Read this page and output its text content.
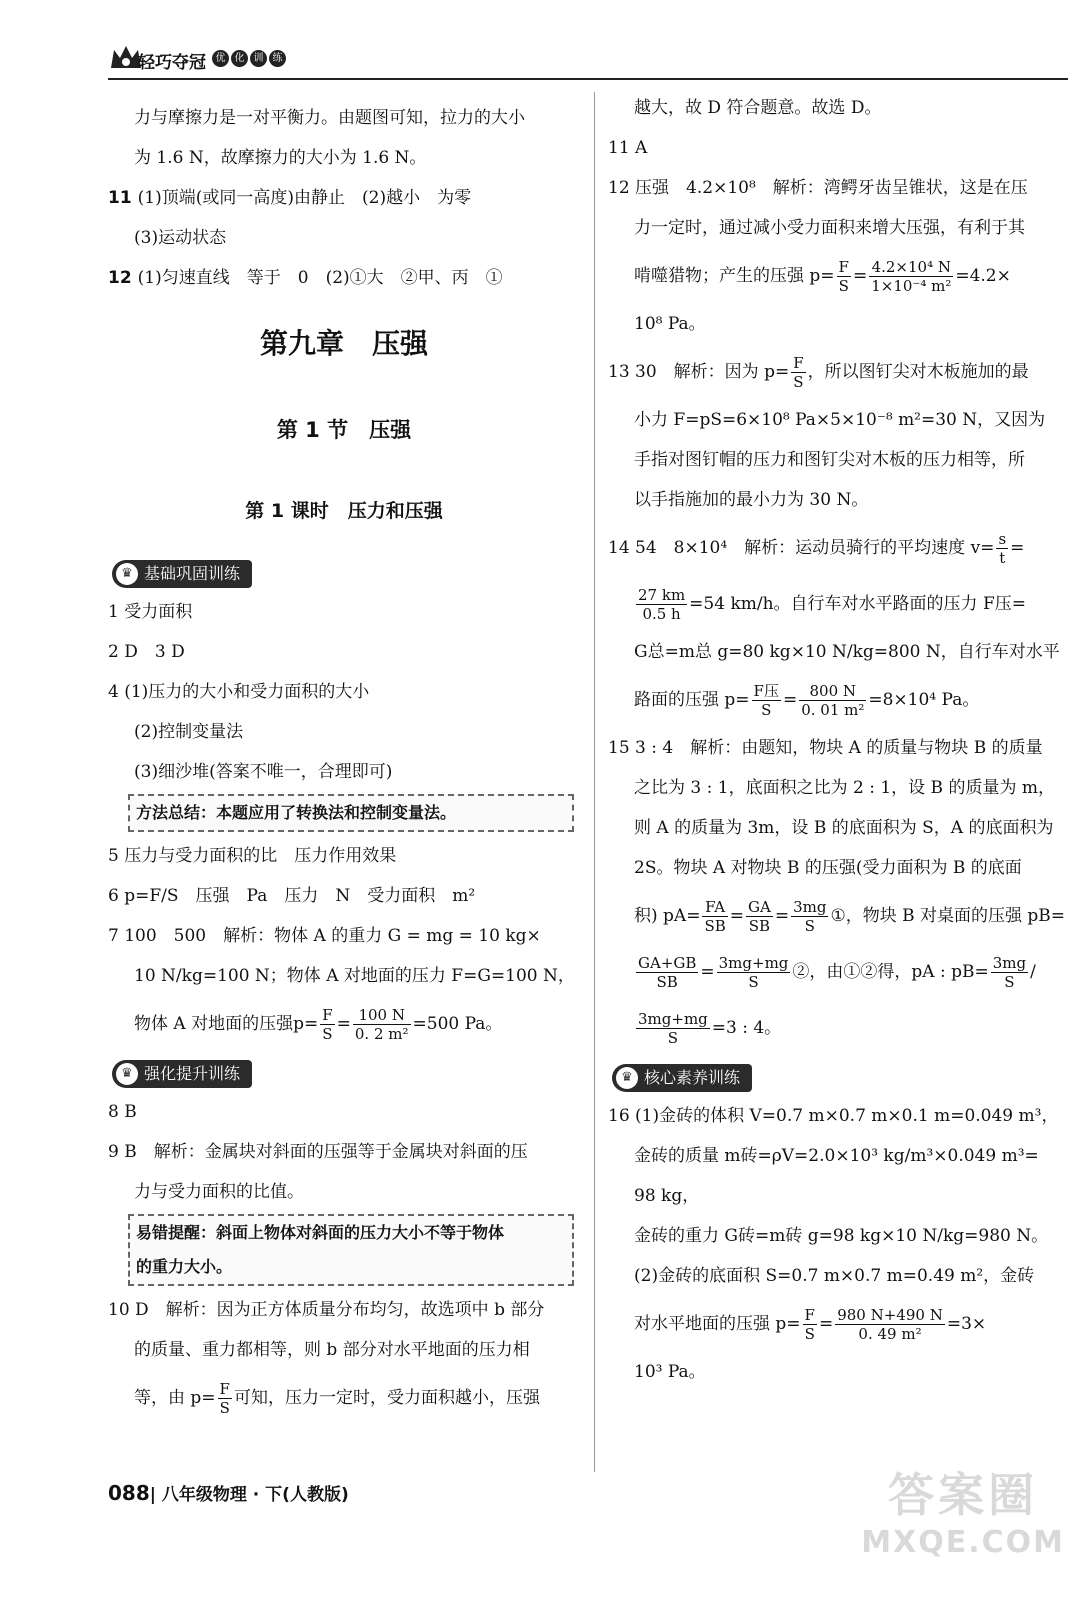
轻巧夺冠 优 化 训 练
力与摩擦力是一对平衡力。由题图可知，拉力的大小
为 1.6 N，故摩擦力的大小为 1.6 N。
11 (1)顶端(或同一高度)由静止　(2)越小　为零
(3)运动状态
12 (1)匀速直线　等于　0　(2)①大　②甲、丙　①
第九章　压强
第 1 节　压强
第 1 课时　压力和压强
♛ 基础巩固训练
1 受力面积
2 D　3 D
4 (1)压力的大小和受力面积的大小
(2)控制变量法
(3)细沙堆(答案不唯一，合理即可)
方法总结：本题应用了转换法和控制变量法。
5 压力与受力面积的比　压力作用效果
6 p=F/S　压强　Pa　压力　N　受力面积　m²
7 100　500　解析：物体 A 的重力 G = mg = 10 kg×
10 N/kg=100 N；物体 A 对地面的压力 F=G=100 N，
物体 A 对地面的压强$p= \frac{F}{S} = \frac{100 N}{\text{0. 2 m²}} =500$ Pa。
♛ 强化提升训练
8 B
9 B　解析：金属块对斜面的压强等于金属块对斜面的压
力与受力面积的比值。
易错提醒：斜面上物体对斜面的压力大小不等于物体
的重力大小。
10 D　解析：因为正方体质量分布均匀，故选项中 b 部分
的质量、重力都相等，则 b 部分对水平地面的压力相
等，由 $p= \frac{F}{S}$ 可知，压力一定时，受力面积越小，压强
越大，故 D 符合题意。故选 D。
11 A
12 压强　4.2×10⁸　解析：湾鳄牙齿呈锥状，这是在压
力一定时，通过减小受力面积来增大压强，有利于其
啃噬猎物；产生的压强 $p= \frac{F}{S} = \frac{\text{4.2×10⁴ N}}{\text{1×10⁻⁴ m²}} =4.2\times$
10⁸ Pa。
13 30　解析：因为 $p= \frac{F}{S}$ ，所以图钉尖对木板施加的最
小力 F=pS=6×10⁸ Pa×5×10⁻⁸ m²=30 N，又因为
手指对图钉帽的压力和图钉尖对木板的压力相等，所
以手指施加的最小力为 30 N。
14 54　8×10⁴　解析：运动员骑行的平均速度 $v= \frac{s}{t}$ =
$\frac{27 km}{0.5 h} =54$ km/h。自行车对水平路面的压力 F压=
G总=m总 g=80 kg×10 N/kg=800 N，自行车对水平
路面的压强 $p= \frac{\text{F压}}{S} = \frac{800 N}{\text{0. 01 m²}} =8\times 10^4$ Pa。
15 3 : 4　解析：由题知，物块 A 的质量与物块 B 的质量
之比为 3 : 1，底面积之比为 2 : 1，设 B 的质量为 m，
则 A 的质量为 3m，设 B 的底面积为 S，A 的底面积为
2S。物块 A 对物块 B 的压强(受力面积为 B 的底面
积) $pA= \frac{FA}{SB} = \frac{GA}{SB} = \frac{3mg}{S}$ ①，物块 B 对桌面的压强 pB=
$\frac{GA+GB}{SB} = \frac{3mg+mg}{S}$ ②，由①②得，pA : $pB= \frac{3mg}{S}$ /
$\frac{3mg+mg}{S} =3$ : 4。
♛ 核心素养训练
16 (1)金砖的体积 V=0.7 m×0.7 m×0.1 m=0.049 m³，
金砖的质量 m砖=ρV=2.0×10³ kg/m³×0.049 m³=
98 kg，
金砖的重力 G砖=m砖 g=98 kg×10 N/kg=980 N。
(2)金砖的底面积 S=0.7 m×0.7 m=0.49 m²，金砖
对水平地面的压强 $p= \frac{F}{S} = \frac{980 N+490 N}{\text{0. 49 m²}} =3\times$
10³ Pa。
088| 八年级物理 · 下(人教版)	答案圈
MXQE.COM
